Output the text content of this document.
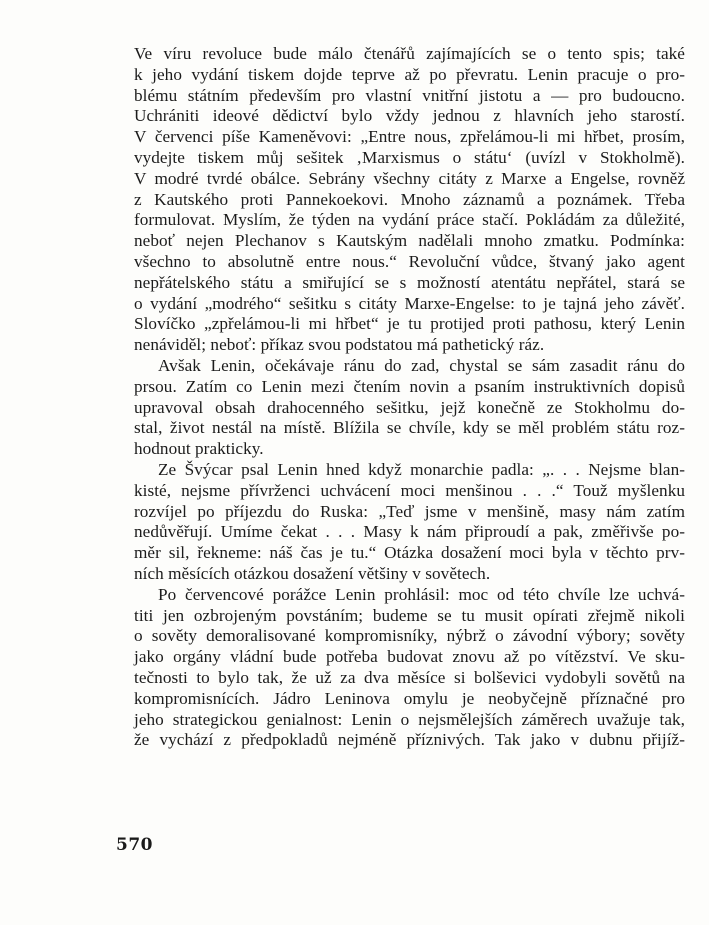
Ve víru revoluce bude málo čtenářů zajímajících se o tento spis; také
k jeho vydání tiskem dojde teprve až po převratu. Lenin pracuje o pro-
blému státním především pro vlastní vnitřní jistotu a — pro budoucno.
Uchrániti ideové dědictví bylo vždy jednou z hlavních jeho starostí.
V červenci píše Kameněvovi: „Entre nous, zpřelámou-li mi hřbet, prosím,
vydejte tiskem můj sešitek ‚Marxismus o státu‘ (uvízl v Stokholmě).
V modré tvrdé obálce. Sebrány všechny citáty z Marxe a Engelse, rovněž
z Kautského proti Pannekoekovi. Mnoho záznamů a poznámek. Třeba
formulovat. Myslím, že týden na vydání práce stačí. Pokládám za důležité,
neboť nejen Plechanov s Kautským nadělali mnoho zmatku. Podmínka:
všechno to absolutně entre nous.“ Revoluční vůdce, štvaný jako agent
nepřátelského státu a smiřující se s možností atentátu nepřátel, stará se
o vydání „modrého“ sešitku s citáty Marxe-Engelse: to je tajná jeho závěť.
Slovíčko „zpřelámou-li mi hřbet“ je tu protijed proti pathosu, který Lenin
nenáviděl; neboť: příkaz svou podstatou má pathetický ráz.
Avšak Lenin, očekávaje ránu do zad, chystal se sám zasadit ránu do
prsou. Zatím co Lenin mezi čtením novin a psaním instruktivních dopisů
upravoval obsah drahocenného sešitku, jejž konečně ze Stokholmu do-
stal, život nestál na místě. Blížila se chvíle, kdy se měl problém státu roz-
hodnout prakticky.
Ze Švýcar psal Lenin hned když monarchie padla: „. . . Nejsme blan-
kisté, nejsme přívrženci uchvácení moci menšinou . . .“ Touž myšlenku
rozvíjel po příjezdu do Ruska: „Teď jsme v menšině, masy nám zatím
nedůvěřují. Umíme čekat . . . Masy k nám připroudí a pak, změřivše po-
měr sil, řekneme: náš čas je tu.“ Otázka dosažení moci byla v těchto prv-
ních měsících otázkou dosažení většiny v sovětech.
Po červencové porážce Lenin prohlásil: moc od této chvíle lze uchvá-
titi jen ozbrojeným povstáním; budeme se tu musit opírati zřejmě nikoli
o sověty demoralisované kompromisníky, nýbrž o závodní výbory; sověty
jako orgány vládní bude potřeba budovat znovu až po vítězství. Ve sku-
tečnosti to bylo tak, že už za dva měsíce si bolševici vydobyli sovětů na
kompromisnících. Jádro Leninova omylu je neobyčejně příznačné pro
jeho strategickou genialnost: Lenin o nejsmělejších záměrech uvažuje tak,
že vychází z předpokladů nejméně příznivých. Tak jako v dubnu přijíž-
570
